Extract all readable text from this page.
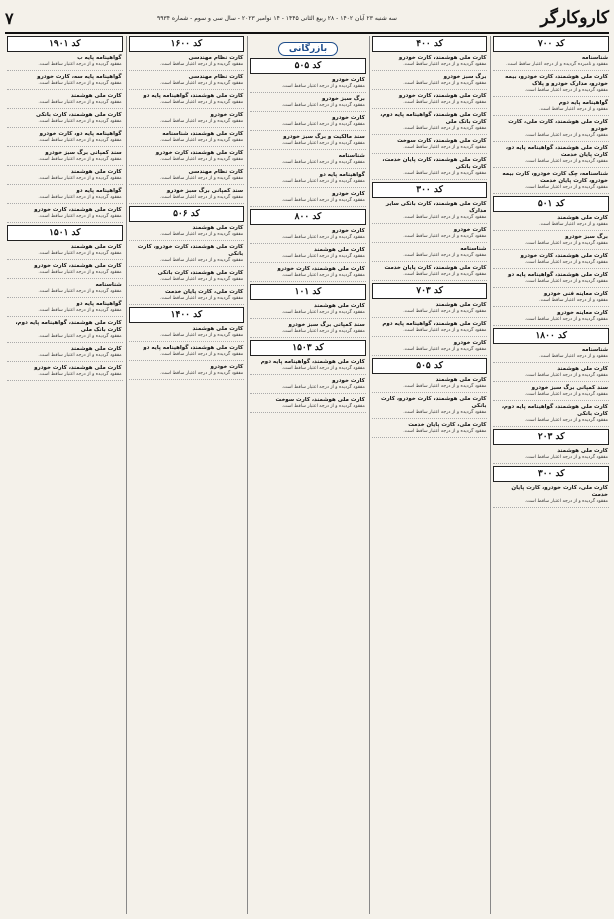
کاروکارگر
سه شنبه ۲۳ آبان ۱۴۰۲ - ۲۸ ربیع الثانی ۱۴۴۵ - ۱۴ نوامبر ۲۰۲۳ - سال سی و سوم - شماره ۹۹۳۴
۷
کد ۷۰۰
شناسنامه
مفقود و نامبرده گردیده و از درجه اعتبار ساقط است.
کارت ملی هوشمند، کارت خودرو، بیمه خودرو، مدارک خودرو و پلاک
مفقود گردیده و از درجه اعتبار ساقط است.
گواهینامه پایه دوم
مفقود و از درجه اعتبار ساقط است.
کارت ملی هوشمند، کارت ملی، کارت خودرو
مفقود گردیده و از درجه اعتبار ساقط است.
کارت ملی هوشمند، گواهینامه پایه دو، کارت پایان خدمت
مفقود گردیده و از درجه اعتبار ساقط است.
شناسنامه، چک کارت خودرو، کارت بیمه خودرو، کارت پایان خدمت
مفقود گردیده و از درجه اعتبار ساقط است.
کد ۵۰۱
کارت ملی هوشمند
مفقود و از درجه اعتبار ساقط است.
برگ سبز خودرو
مفقود گردیده و از درجه اعتبار ساقط است.
کارت ملی هوشمند، کارت خودرو
مفقود گردیده و از درجه اعتبار ساقط است.
کارت ملی هوشمند، گواهینامه پایه دو
مفقود گردیده و از درجه اعتبار ساقط است.
کارت معاینه فنی خودرو
مفقود و از درجه اعتبار ساقط است.
کارت معاینه خودرو
مفقود گردیده و از درجه اعتبار ساقط است.
کد ۱۸۰۰
شناسنامه
مفقود و از درجه اعتبار ساقط است.
کارت ملی هوشمند
مفقود گردیده و از درجه اعتبار ساقط است.
سند کمپانی برگ سبز خودرو
مفقود گردیده و از درجه اعتبار ساقط است.
کارت ملی هوشمند، گواهینامه پایه دوم، کارت بانکی
مفقود گردیده و از درجه اعتبار ساقط است.
کد ۲۰۳
کارت ملی هوشمند
مفقود گردیده و از درجه اعتبار ساقط است.
کد ۳۰۰
کارت ملی، کارت خودرو، کارت پایان خدمت
مفقود گردیده و از درجه اعتبار ساقط است.
کد ۴۰۰
کارت ملی هوشمند، کارت خودرو
مفقود گردیده و از درجه اعتبار ساقط است.
برگ سبز خودرو
مفقود گردیده و از درجه اعتبار ساقط است.
کارت ملی هوشمند، کارت خودرو
مفقود گردیده و از درجه اعتبار ساقط است.
کارت ملی هوشمند، گواهینامه پایه دوم، کارت بانک ملی
مفقود گردیده و از درجه اعتبار ساقط است.
کارت ملی هوشمند، کارت سوخت
مفقود گردیده و از درجه اعتبار ساقط است.
کارت ملی هوشمند، کارت پایان خدمت، کارت بانکی
مفقود گردیده و از درجه اعتبار ساقط است.
کد ۳۰۰
کارت ملی هوشمند، کارت بانکی سایر مدارک
مفقود گردیده و از درجه اعتبار ساقط است.
کارت خودرو
مفقود گردیده و از درجه اعتبار ساقط است.
شناسنامه
مفقود گردیده و از درجه اعتبار ساقط است.
کارت ملی هوشمند، کارت پایان خدمت
مفقود گردیده و از درجه اعتبار ساقط است.
کد ۷۰۳
کارت ملی هوشمند
مفقود گردیده و از درجه اعتبار ساقط است.
کارت ملی هوشمند، گواهینامه پایه دوم
مفقود گردیده و از درجه اعتبار ساقط است.
کارت خودرو
مفقود گردیده و از درجه اعتبار ساقط است.
کد ۵۰۵
کارت ملی هوشمند
مفقود گردیده و از درجه اعتبار ساقط است.
کارت ملی هوشمند، کارت خودرو، کارت بانکی
مفقود گردیده و از درجه اعتبار ساقط است.
کارت ملی، کارت پایان خدمت
مفقود گردیده و از درجه اعتبار ساقط است.
بازرگانی
کد ۵۰۵
کارت خودرو
مفقود گردیده و از درجه اعتبار ساقط است.
برگ سبز خودرو
مفقود گردیده و از درجه اعتبار ساقط است.
کارت خودرو
مفقود گردیده و از درجه اعتبار ساقط است.
سند مالکیت و برگ سبز خودرو
مفقود گردیده و از درجه اعتبار ساقط است.
شناسنامه
مفقود گردیده و از درجه اعتبار ساقط است.
گواهینامه پایه دو
مفقود گردیده و از درجه اعتبار ساقط است.
کارت خودرو
مفقود گردیده و از درجه اعتبار ساقط است.
کد ۸۰۰
کارت خودرو
مفقود گردیده و از درجه اعتبار ساقط است.
کارت ملی هوشمند
مفقود گردیده و از درجه اعتبار ساقط است.
کارت ملی هوشمند، کارت خودرو
مفقود گردیده و از درجه اعتبار ساقط است.
کد ۱۰۱
کارت ملی هوشمند
مفقود گردیده و از درجه اعتبار ساقط است.
سند کمپانی برگ سبز خودرو
مفقود گردیده و از درجه اعتبار ساقط است.
کد ۱۵۰۳
کارت ملی هوشمند، گواهینامه پایه دوم
مفقود گردیده و از درجه اعتبار ساقط است.
کارت خودرو
مفقود گردیده و از درجه اعتبار ساقط است.
کارت ملی هوشمند، کارت سوخت
مفقود گردیده و از درجه اعتبار ساقط است.
کد ۱۶۰۰
کارت نظام مهندسی
مفقود گردیده و از درجه اعتبار ساقط است.
کارت نظام مهندسی
مفقود گردیده و از درجه اعتبار ساقط است.
کارت ملی هوشمند، گواهینامه پایه دو
مفقود گردیده و از درجه اعتبار ساقط است.
کارت خودرو
مفقود گردیده و از درجه اعتبار ساقط است.
کارت ملی هوشمند، شناسنامه
مفقود گردیده و از درجه اعتبار ساقط است.
کارت ملی هوشمند، کارت خودرو
مفقود گردیده و از درجه اعتبار ساقط است.
کارت نظام مهندسی
مفقود گردیده و از درجه اعتبار ساقط است.
سند کمپانی برگ سبز خودرو
مفقود گردیده و از درجه اعتبار ساقط است.
کد ۵۰۶
کارت ملی هوشمند
مفقود گردیده و از درجه اعتبار ساقط است.
کارت ملی هوشمند، کارت خودرو، کارت بانکی
مفقود گردیده و از درجه اعتبار ساقط است.
کارت ملی هوشمند، کارت بانکی
مفقود گردیده و از درجه اعتبار ساقط است.
کارت ملی، کارت پایان خدمت
مفقود گردیده و از درجه اعتبار ساقط است.
کد ۱۴۰۰
کارت ملی هوشمند
مفقود گردیده و از درجه اعتبار ساقط است.
کارت ملی هوشمند، گواهینامه پایه دو
مفقود گردیده و از درجه اعتبار ساقط است.
کارت خودرو
مفقود گردیده و از درجه اعتبار ساقط است.
کد ۱۹۰۱
گواهینامه پایه ب
مفقود گردیده و از درجه اعتبار ساقط است.
گواهینامه پایه سه، کارت خودرو
مفقود گردیده و از درجه اعتبار ساقط است.
کارت ملی هوشمند
مفقود گردیده و از درجه اعتبار ساقط است.
کارت ملی هوشمند، کارت بانکی
مفقود گردیده و از درجه اعتبار ساقط است.
گواهینامه پایه دو، کارت خودرو
مفقود گردیده و از درجه اعتبار ساقط است.
سند کمپانی برگ سبز خودرو
مفقود گردیده و از درجه اعتبار ساقط است.
کارت ملی هوشمند
مفقود گردیده و از درجه اعتبار ساقط است.
گواهینامه پایه دو
مفقود گردیده و از درجه اعتبار ساقط است.
کارت ملی هوشمند، کارت خودرو
مفقود گردیده و از درجه اعتبار ساقط است.
کد ۱۵۰۱
کارت ملی هوشمند
مفقود گردیده و از درجه اعتبار ساقط است.
کارت ملی هوشمند، کارت خودرو
مفقود گردیده و از درجه اعتبار ساقط است.
شناسنامه
مفقود گردیده و از درجه اعتبار ساقط است.
گواهینامه پایه دو
مفقود گردیده و از درجه اعتبار ساقط است.
کارت ملی هوشمند، گواهینامه پایه دوم، کارت بانک ملی
مفقود گردیده و از درجه اعتبار ساقط است.
کارت ملی هوشمند
مفقود گردیده و از درجه اعتبار ساقط است.
کارت ملی هوشمند، کارت خودرو
مفقود گردیده و از درجه اعتبار ساقط است.
